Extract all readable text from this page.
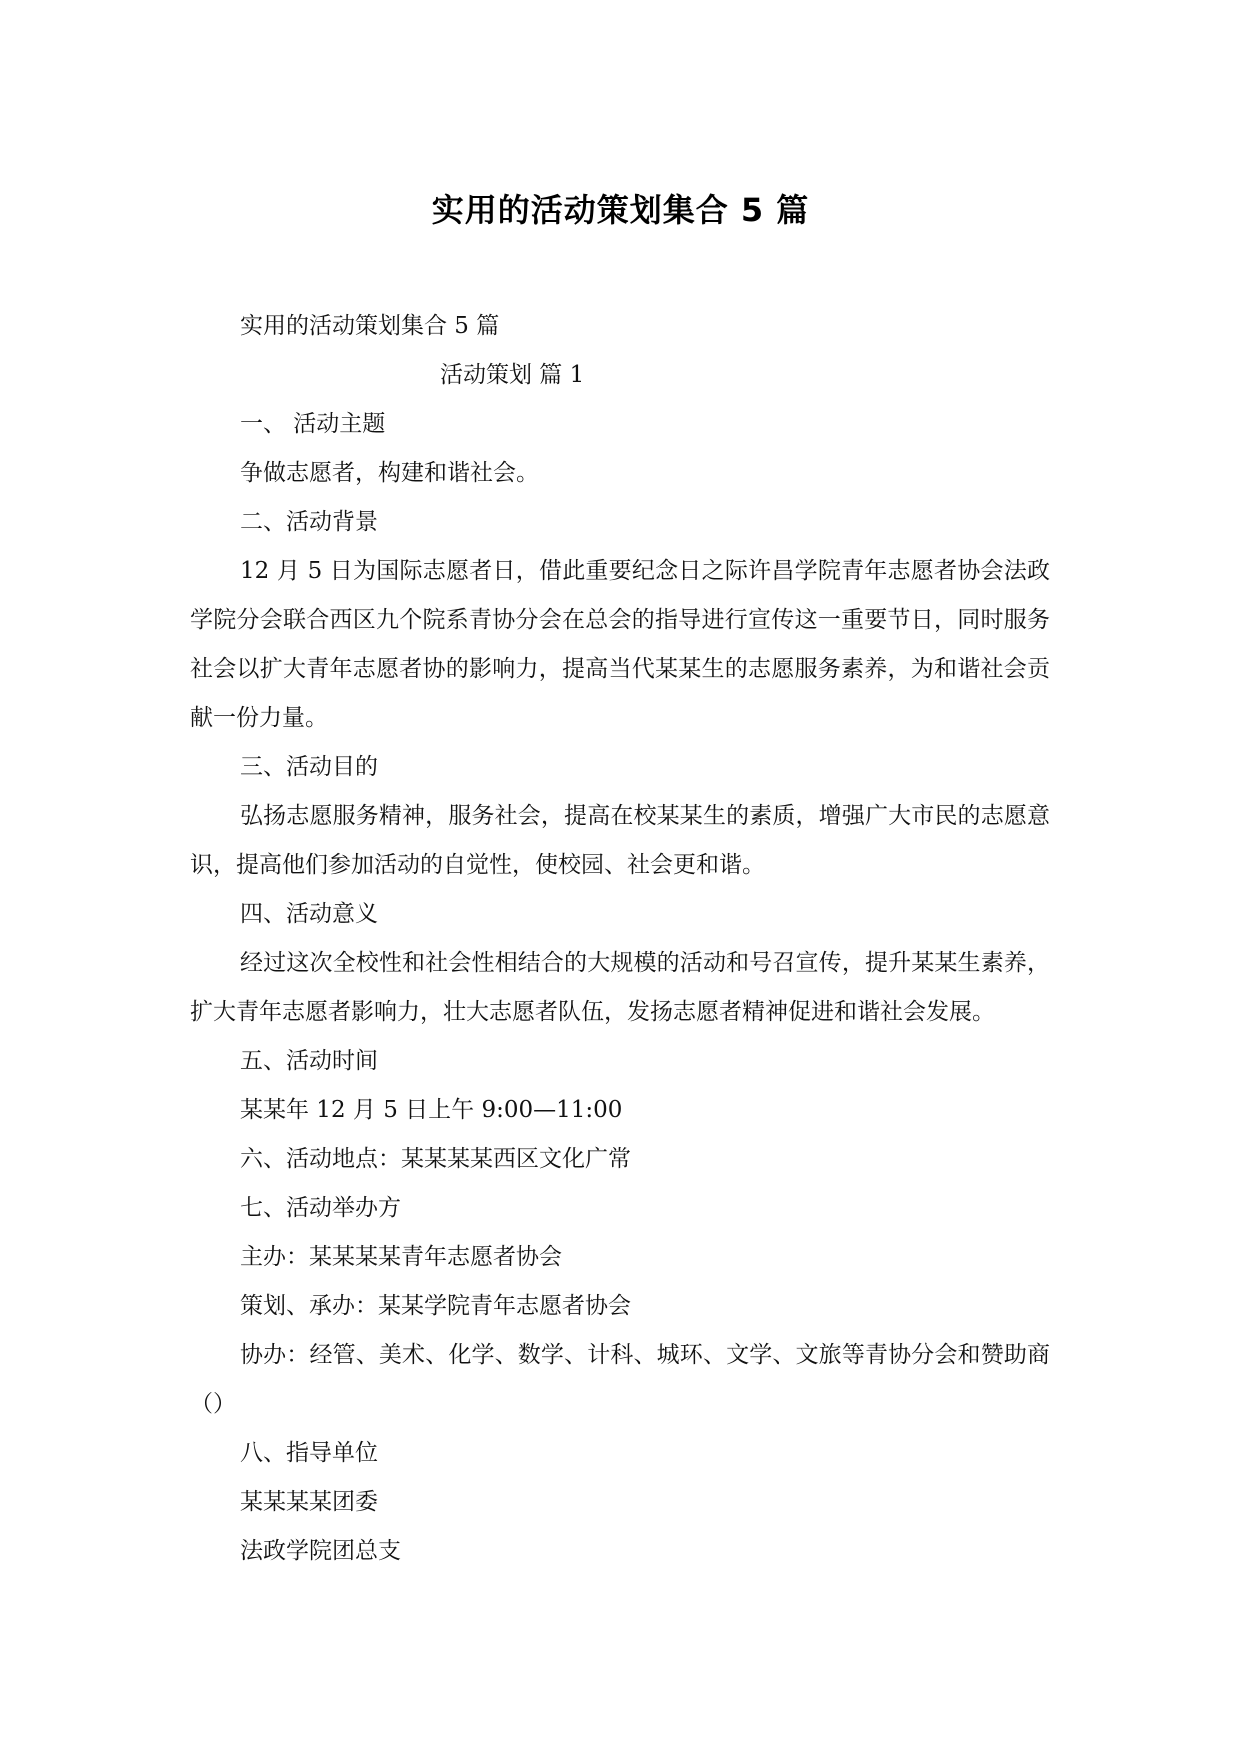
实用的活动策划集合 5 篇

实用的活动策划集合 5 篇

活动策划 篇 1

一、 活动主题

争做志愿者，构建和谐社会。

二、活动背景

12 月 5 日为国际志愿者日，借此重要纪念日之际许昌学院青年志愿者协会法政学院分会联合西区九个院系青协分会在总会的指导进行宣传这一重要节日，同时服务社会以扩大青年志愿者协的影响力，提高当代某某生的志愿服务素养，为和谐社会贡献一份力量。

三、活动目的

弘扬志愿服务精神，服务社会，提高在校某某生的素质，增强广大市民的志愿意识，提高他们参加活动的自觉性，使校园、社会更和谐。

四、活动意义

经过这次全校性和社会性相结合的大规模的活动和号召宣传，提升某某生素养，扩大青年志愿者影响力，壮大志愿者队伍，发扬志愿者精神促进和谐社会发展。

五、活动时间

某某年 12 月 5 日上午 9:00—11:00

六、活动地点：某某某某西区文化广常

七、活动举办方

主办：某某某某青年志愿者协会

策划、承办：某某学院青年志愿者协会

协办：经管、美术、化学、数学、计科、城环、文学、文旅等青协分会和赞助商（）

八、指导单位

某某某某团委

法政学院团总支
